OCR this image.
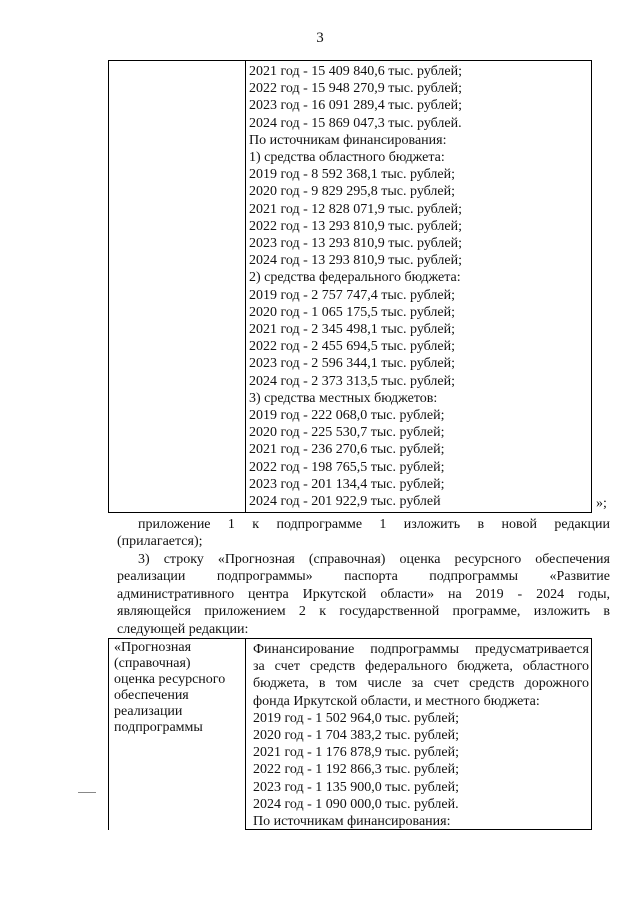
3
2021 год - 15 409 840,6 тыс. рублей;
2022 год - 15 948 270,9 тыс. рублей;
2023 год - 16 091 289,4 тыс. рублей;
2024 год - 15 869 047,3 тыс. рублей.
По источникам финансирования:
1) средства областного бюджета:
2019 год - 8 592 368,1 тыс. рублей;
2020 год - 9 829 295,8 тыс. рублей;
2021 год - 12 828 071,9 тыс. рублей;
2022 год - 13 293 810,9 тыс. рублей;
2023 год - 13 293 810,9 тыс. рублей;
2024 год - 13 293 810,9 тыс. рублей;
2) средства федерального бюджета:
2019 год - 2 757 747,4 тыс. рублей;
2020 год - 1 065 175,5 тыс. рублей;
2021 год - 2 345 498,1 тыс. рублей;
2022 год - 2 455 694,5 тыс. рублей;
2023 год - 2 596 344,1 тыс. рублей;
2024 год - 2 373 313,5 тыс. рублей;
3) средства местных бюджетов:
2019 год - 222 068,0 тыс. рублей;
2020 год - 225 530,7 тыс. рублей;
2021 год - 236 270,6 тыс. рублей;
2022 год - 198 765,5 тыс. рублей;
2023 год - 201 134,4 тыс. рублей;
2024 год - 201 922,9 тыс. рублей	»;
приложение 1 к подпрограмме 1 изложить в новой редакции
(прилагается);
3) строку «Прогнозная (справочная) оценка ресурсного обеспечения
реализации подпрограммы» паспорта подпрограммы «Развитие
административного центра Иркутской области» на 2019 - 2024 годы,
являющейся приложением 2 к государственной программе, изложить в
следующей редакции:
«Прогнозная
(справочная)
оценка ресурсного
обеспечения
реализации
подпрограммы
Финансирование подпрограммы предусматривается
за счет средств федерального бюджета, областного
бюджета, в том числе за счет средств дорожного
фонда Иркутской области, и местного бюджета:
2019 год - 1 502 964,0 тыс. рублей;
2020 год - 1 704 383,2 тыс. рублей;
2021 год - 1 176 878,9 тыс. рублей;
2022 год - 1 192 866,3 тыс. рублей;
2023 год - 1 135 900,0 тыс. рублей;
2024 год - 1 090 000,0 тыс. рублей.
По источникам финансирования:
